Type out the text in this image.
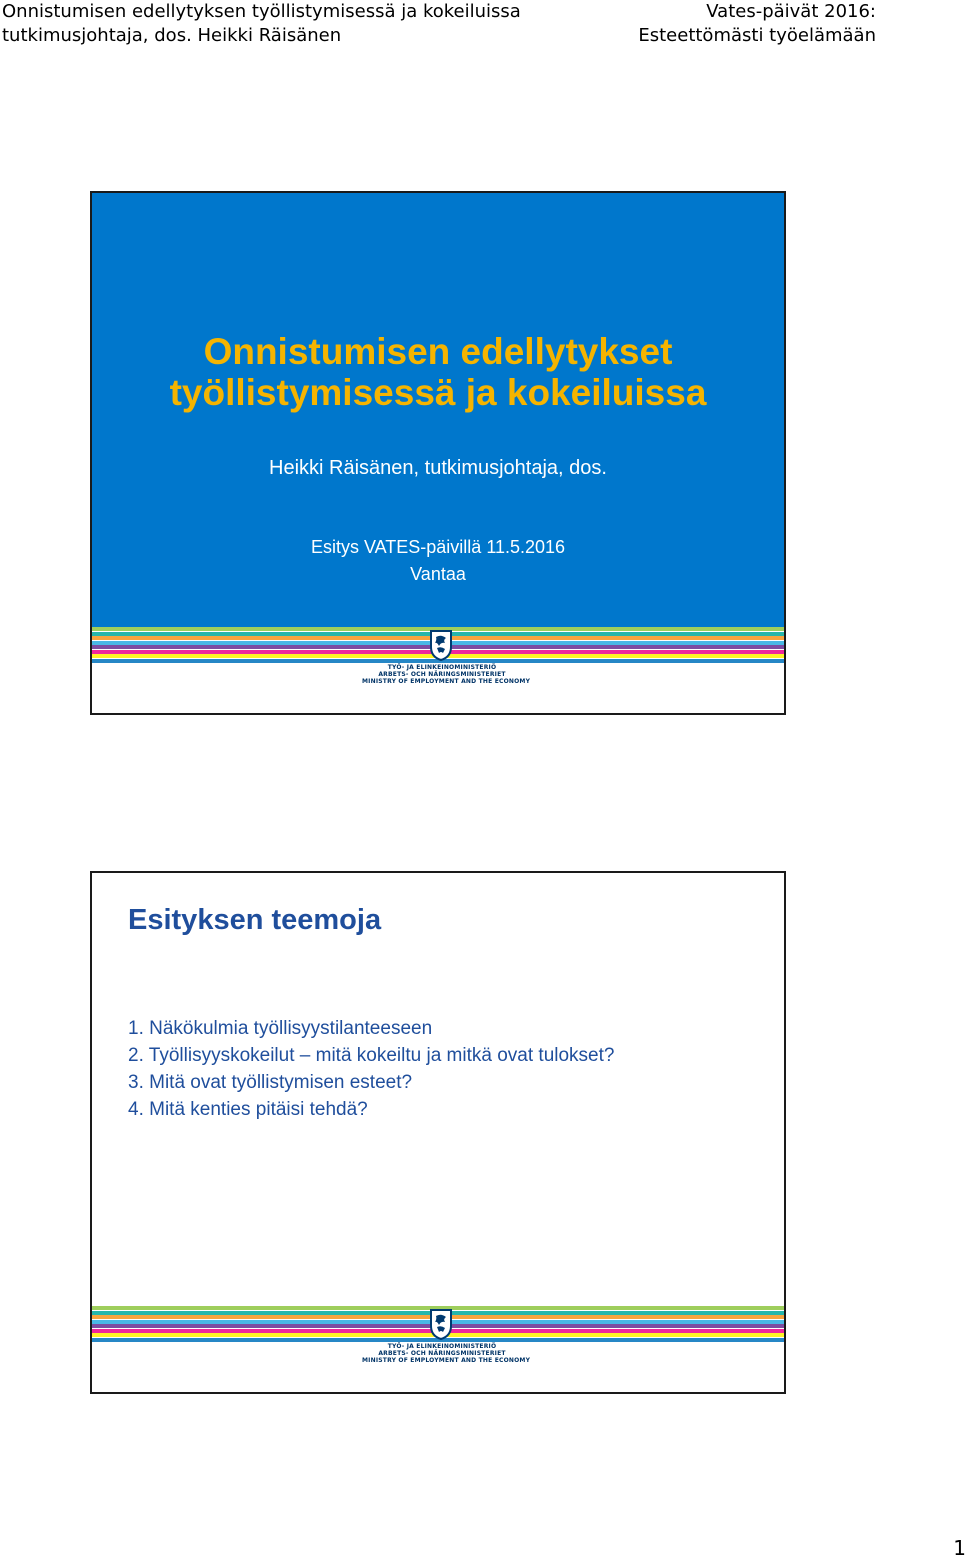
Onnistumisen edellytyksen työllistymisessä ja kokeiluissa
tutkimusjohtaja, dos. Heikki Räisänen
Vates-päivät 2016:
Esteettömästi työelämään
Onnistumisen edellytykset
työllistymisessä ja kokeiluissa
Heikki Räisänen, tutkimusjohtaja, dos.
Esitys VATES-päivillä 11.5.2016
Vantaa
TYÖ- JA ELINKEINOMINISTERIÖ
ARBETS- OCH NÄRINGSMINISTERIET
MINISTRY OF EMPLOYMENT AND THE ECONOMY
Esityksen teemoja
1. Näkökulmia työllisyystilanteeseen
2. Työllisyyskokeilut – mitä kokeiltu ja mitkä ovat tulokset?
3. Mitä ovat työllistymisen esteet?
4. Mitä kenties pitäisi tehdä?
TYÖ- JA ELINKEINOMINISTERIÖ
ARBETS- OCH NÄRINGSMINISTERIET
MINISTRY OF EMPLOYMENT AND THE ECONOMY
1
